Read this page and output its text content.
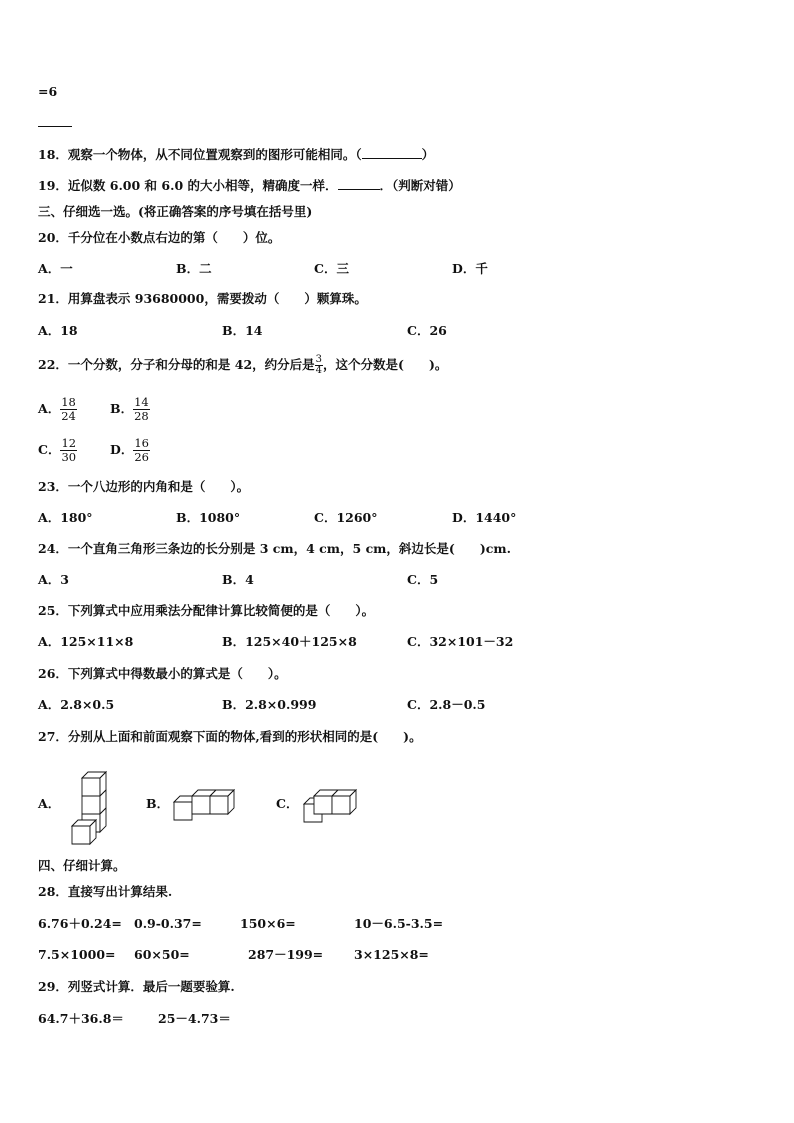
=6
18．观察一个物体，从不同位置观察到的图形可能相同。（	）
19．近似数 6.00 和 6.0 的大小相等，精确度一样．	．（判断对错）
三、仔细选一选。(将正确答案的序号填在括号里)
20．千分位在小数点右边的第（　　）位。
A．一	B．二	C．三	D．千
21．用算盘表示 93680000，需要拨动（　　）颗算珠。
A．18	B．14	C．26
22．一个分数，分子和分母的和是 42，约分后是 $\frac{3}{4}$ ，这个分数是(　　)。
A． $\frac{18}{24}$	B． $\frac{14}{28}$
C． $\frac{12}{30}$	D． $\frac{16}{26}$
23．一个八边形的内角和是（　　）。
A．180°	B．1080°	C．1260°	D．1440°
24．一个直角三角形三条边的长分别是 3 cm，4 cm，5 cm，斜边长是(　　)cm.
A．3	B．4	C．5
25．下列算式中应用乘法分配律计算比较简便的是（　　）。
A．125×11×8	B．125×40＋125×8	C．32×101－32
26．下列算式中得数最小的算式是（　　）。
A．2.8×0.5	B．2.8×0.999	C．2.8－0.5
27．分别从上面和前面观察下面的物体,看到的形状相同的是(　　)。
A．	B．	C．
四、仔细计算。
28．直接写出计算结果.
6.76＋0.24= 0.9-0.37=	150×6=	10－6.5-3.5=
7.5×1000= 60×50=	287－199= 3×125×8=
29．列竖式计算．最后一题要验算.
64.7＋36.8＝	25－4.73＝
